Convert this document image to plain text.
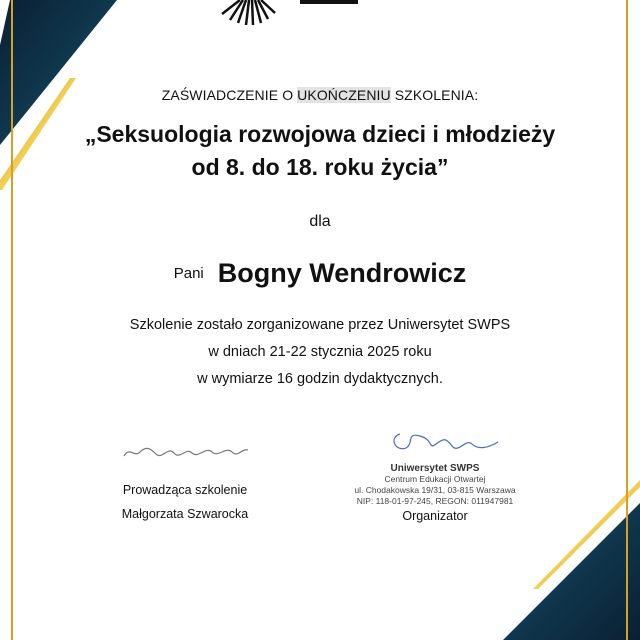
ZAŚWIADCZENIE O UKOŃCZENIU SZKOLENIA:
„Seksuologia rozwojowa dzieci i młodzieży
od 8. do 18. roku życia”
dla
Pani Bogny Wendrowicz
Szkolenie zostało zorganizowane przez Uniwersytet SWPS
w dniach 21-22 stycznia 2025 roku
w wymiarze 16 godzin dydaktycznych.
Prowadząca szkolenie
Małgorzata Szwarocka
Uniwersytet SWPS
Centrum Edukacji Otwartej
ul. Chodakowska 19/31, 03-815 Warszawa
NIP: 118-01-97-245, REGON: 011947981
Organizator
